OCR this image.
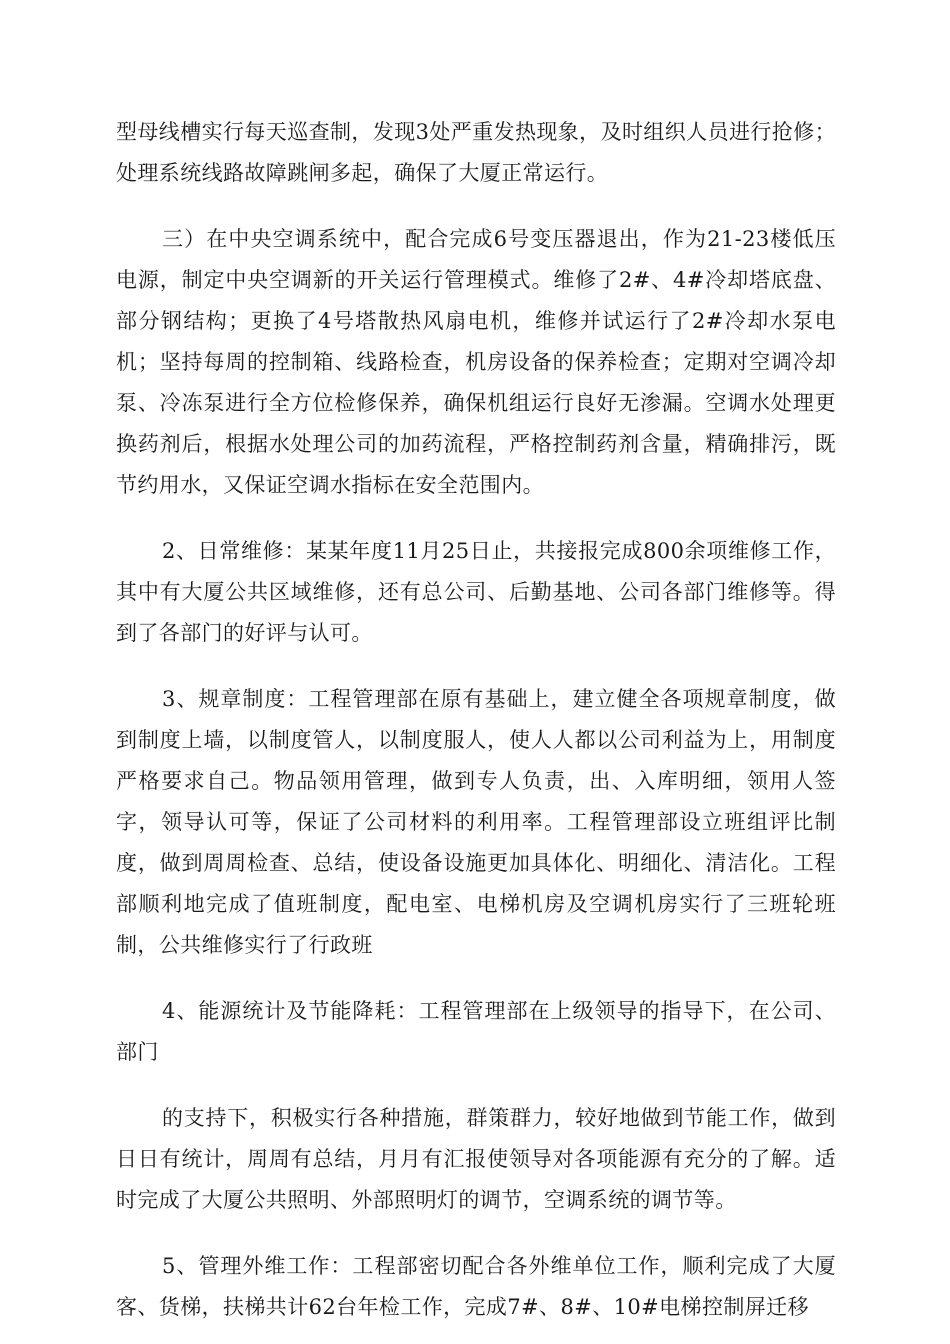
型母线槽实行每天巡查制，发现3处严重发热现象，及时组织人员进行抢修；处理系统线路故障跳闸多起，确保了大厦正常运行。

三）在中央空调系统中，配合完成6号变压器退出，作为21-23楼低压电源，制定中央空调新的开关运行管理模式。维修了2#、4#冷却塔底盘、部分钢结构；更换了4号塔散热风扇电机，维修并试运行了2#冷却水泵电机；坚持每周的控制箱、线路检查，机房设备的保养检查；定期对空调冷却泵、冷冻泵进行全方位检修保养，确保机组运行良好无渗漏。空调水处理更换药剂后，根据水处理公司的加药流程，严格控制药剂含量，精确排污，既节约用水，又保证空调水指标在安全范围内。

2、日常维修：某某年度11月25日止，共接报完成800余项维修工作，其中有大厦公共区域维修，还有总公司、后勤基地、公司各部门维修等。得到了各部门的好评与认可。

3、规章制度：工程管理部在原有基础上，建立健全各项规章制度，做到制度上墙，以制度管人，以制度服人，使人人都以公司利益为上，用制度严格要求自己。物品领用管理，做到专人负责，出、入库明细，领用人签字，领导认可等，保证了公司材料的利用率。工程管理部设立班组评比制度，做到周周检查、总结，使设备设施更加具体化、明细化、清洁化。工程部顺利地完成了值班制度，配电室、电梯机房及空调机房实行了三班轮班制，公共维修实行了行政班

4、能源统计及节能降耗：工程管理部在上级领导的指导下，在公司、部门

的支持下，积极实行各种措施，群策群力，较好地做到节能工作，做到日日有统计，周周有总结，月月有汇报使领导对各项能源有充分的了解。适时完成了大厦公共照明、外部照明灯的调节，空调系统的调节等。

5、管理外维工作：工程部密切配合各外维单位工作，顺利完成了大厦客、货梯，扶梯共计62台年检工作，完成7#、8#、10#电梯控制屏迁移
